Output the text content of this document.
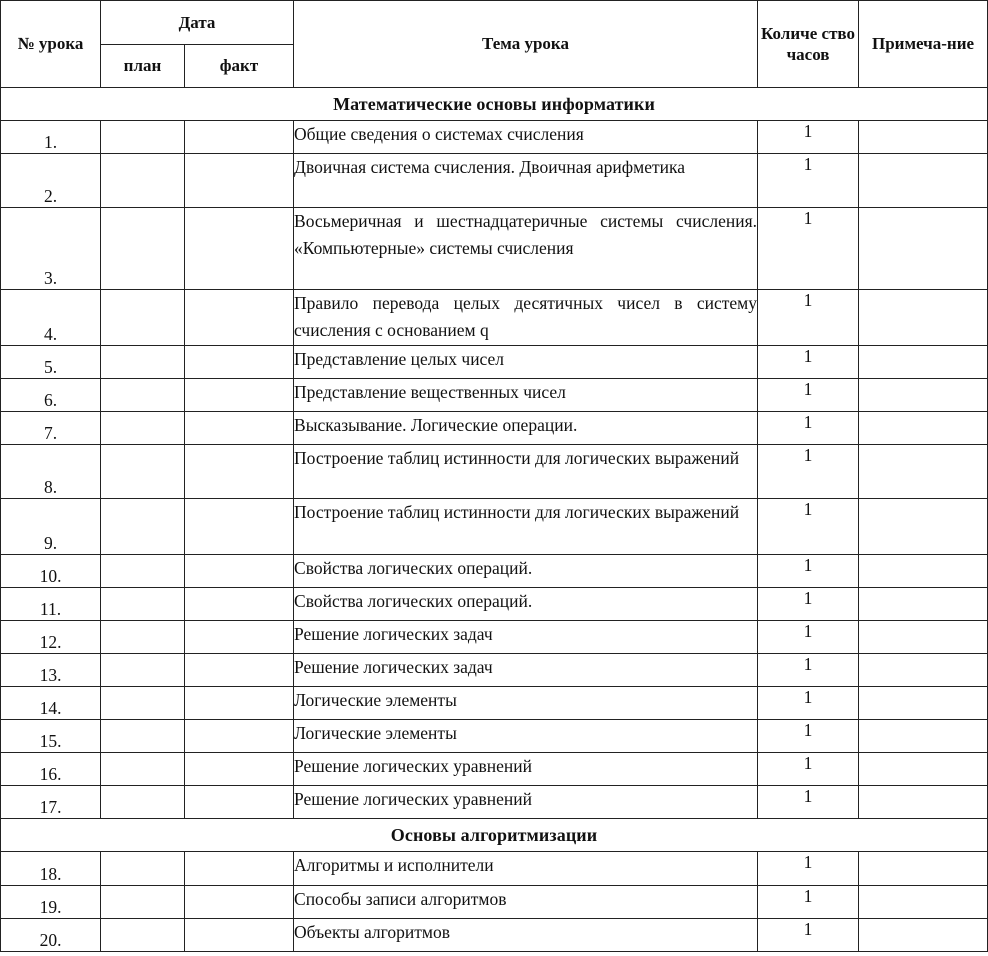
№ урока	Дата		Тема урока	Количе ство часов	Примеча-ние
	план	факт			
Математические основы информатики					
1.			Общие сведения о системах счисления	1	
2.			Двоичная система счисления. Двоичная арифметика	1	
3.			Восьмеричная и шестнадцатеричные системы счисления. «Компьютерные» системы счисления	1	
4.			Правило перевода целых десятичных чисел в систему счисления с основанием q	1	
5.			Представление целых чисел	1	
6.			Представление вещественных чисел	1	
7.			Высказывание. Логические операции.	1	
8.			Построение таблиц истинности для логических выражений	1	
9.			Построение таблиц истинности для логических выражений	1	
10.			Свойства логических операций.	1	
11.			Свойства логических операций.	1	
12.			Решение логических задач	1	
13.			Решение логических задач	1	
14.			Логические элементы	1	
15.			Логические элементы	1	
16.			Решение логических уравнений	1	
17.			Решение логических уравнений	1	
Основы алгоритмизации					
18.			Алгоритмы и исполнители	1	
19.			Способы записи алгоритмов	1	
20.			Объекты алгоритмов	1	
